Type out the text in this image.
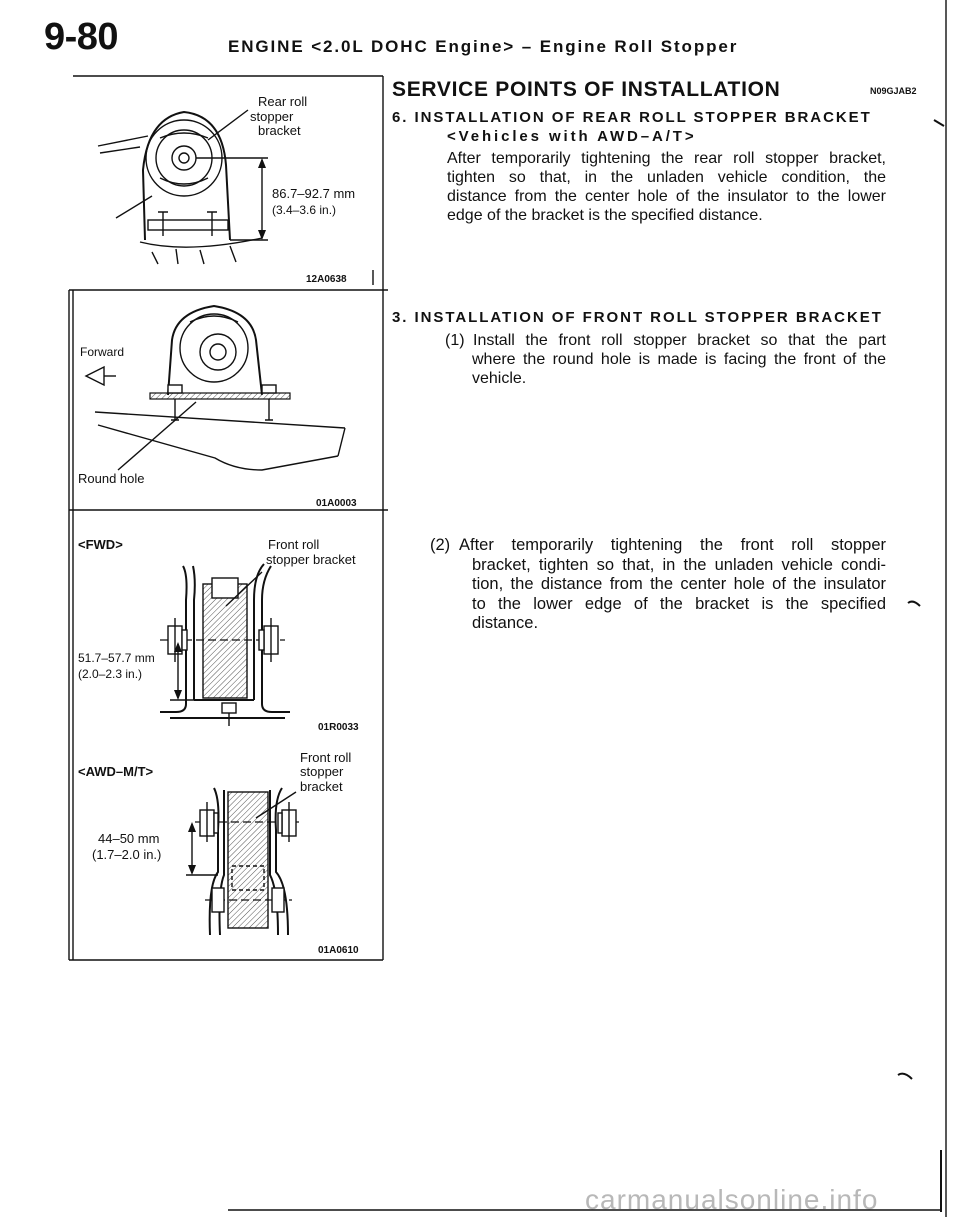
9-80	ENGINE <2.0L DOHC Engine> – Engine Roll Stopper
SERVICE POINTS OF INSTALLATION	N09GJAB2
6. INSTALLATION OF REAR ROLL STOPPER BRACKET
<Vehicles with AWD–A/T>
After temporarily tightening the rear roll stopper bracket,
tighten so that, in the unladen vehicle condition, the
distance from the center hole of the insulator to the lower
edge of the bracket is the specified distance.
3. INSTALLATION OF FRONT ROLL STOPPER BRACKET
(1) Install the front roll stopper bracket so that the part
where the round hole is made is facing the front of the
vehicle.
(2) After temporarily tightening the front roll stopper
bracket, tighten so that, in the unladen vehicle condi-
tion, the distance from the center hole of the insulator
to the lower edge of the bracket is the specified
distance.
carmanualsonline.info
Rear roll
stopper
bracket
86.7–92.7 mm
(3.4–3.6 in.)
12A0638
Forward
Round hole
01A0003
<FWD>	Front roll
stopper bracket
51.7–57.7 mm
(2.0–2.3 in.)
01R0033
<AWD–M/T>
Front roll
stopper
bracket
44–50 mm
(1.7–2.0 in.)
01A0610
